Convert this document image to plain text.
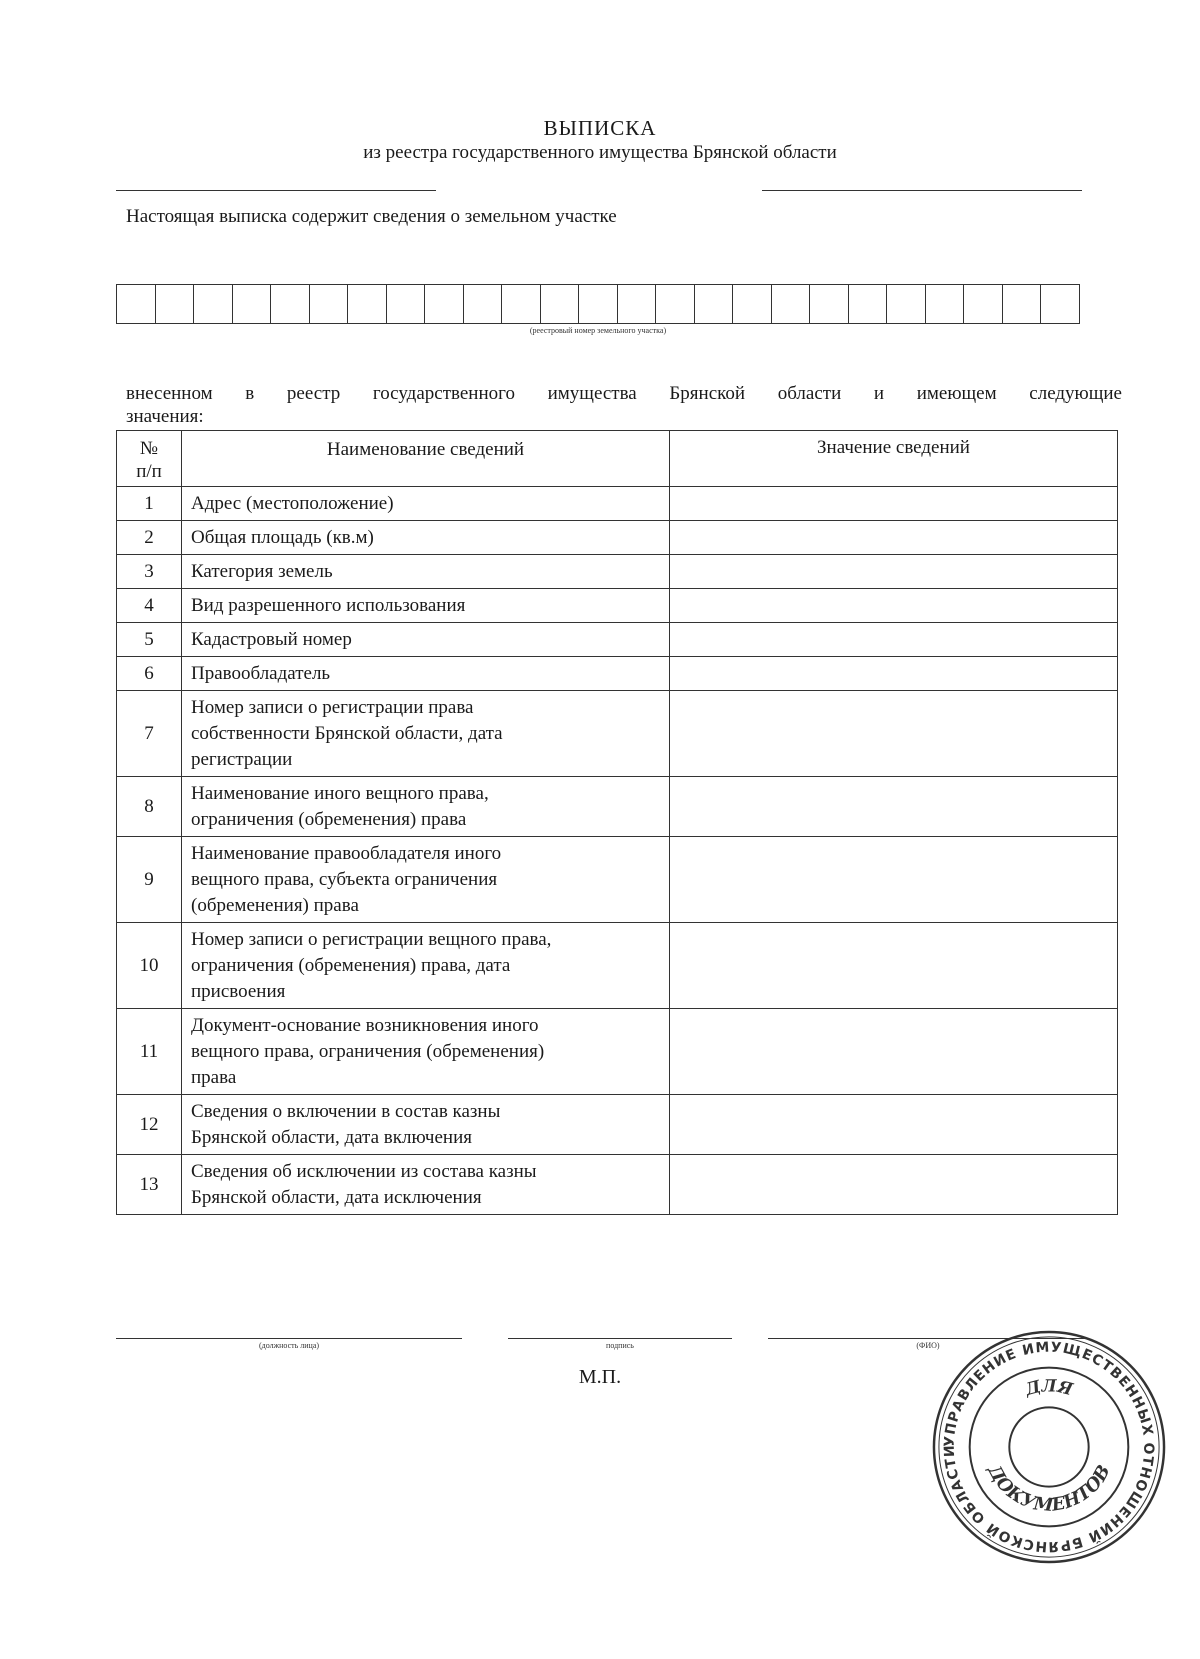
ВЫПИСКА
из реестра государственного имущества Брянской области
Настоящая выписка содержит сведения о земельном участке
(реестровый номер земельного участка)
внесенном в реестр государственного имущества Брянской области и имеющем следующие
значения:
№
п/п	Наименование сведений	Значение сведений
1	Адрес (местоположение)	

2	Общая площадь (кв.м)	

3	Категория земель	

4	Вид разрешенного использования	

5	Кадастровый номер	

6	Правообладатель	

7	Номер записи о регистрации права
собственности Брянской области, дата
регистрации	

8	Наименование иного вещного права,
ограничения (обременения) права	

9	Наименование правообладателя иного
вещного права, субъекта ограничения
(обременения) права	

10	Номер записи о регистрации вещного права,
ограничения (обременения) права, дата
присвоения	

11	Документ-основание возникновения иного
вещного права, ограничения (обременения)
права	

12	Сведения о включении в состав казны
Брянской области, дата включения	

13	Сведения об исключении из состава казны
Брянской области, дата исключения	

(должность лица)	подпись	(ФИО)
М.П.
УПРАВЛЕНИЕ ИМУЩЕСТВЕННЫХ ОТНОШЕНИЙ БРЯНСКОЙ ОБЛАСТИ
ДЛЯ
ДОКУМЕНТОВ
